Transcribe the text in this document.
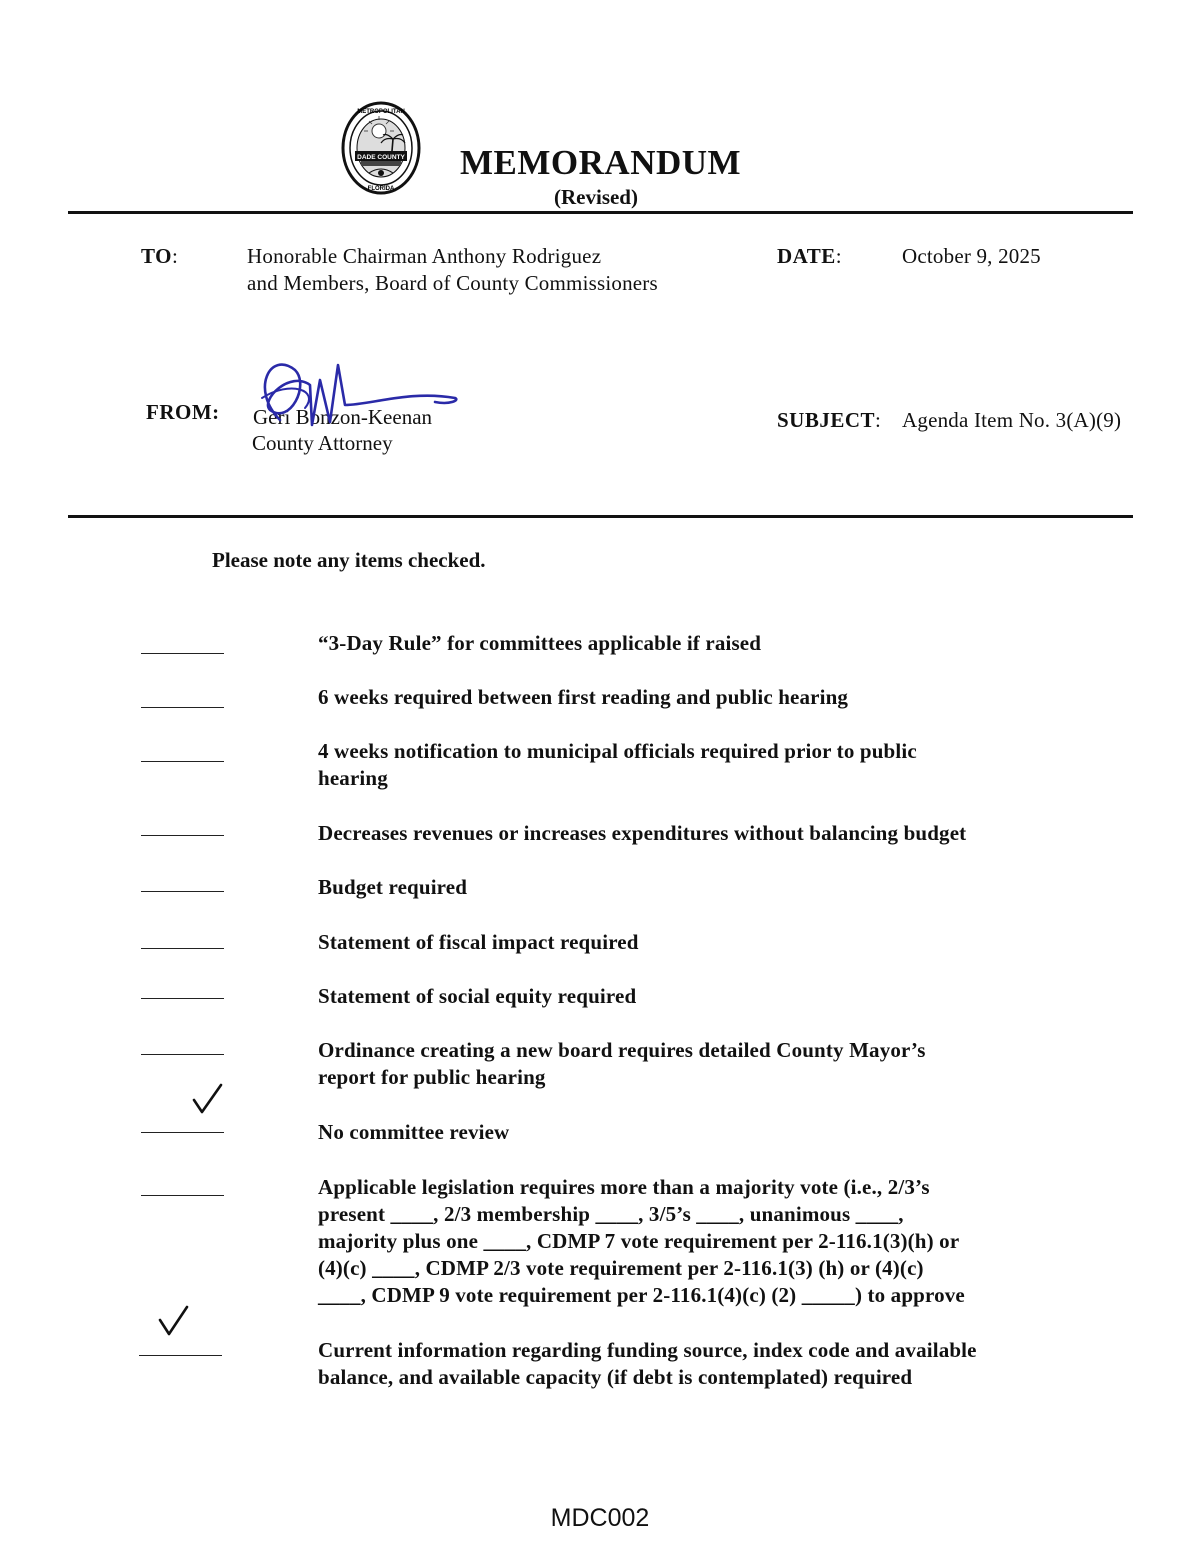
DADE COUNTY
METROPOLITAN
FLORIDA
MEMORANDUM
(Revised)
TO:	Honorable Chairman Anthony Rodriguez
and Members, Board of County Commissioners
DATE:	October 9, 2025
FROM: Geri Bonzon-Keenan
County Attorney
SUBJECT: Agenda Item No. 3(A)(9)
Please note any items checked.
“3-Day Rule” for committees applicable if raised
6 weeks required between first reading and public hearing
4 weeks notification to municipal officials required prior to public
hearing
Decreases revenues or increases expenditures without balancing budget
Budget required
Statement of fiscal impact required
Statement of social equity required
Ordinance creating a new board requires detailed County Mayor’s
report for public hearing
No committee review
Applicable legislation requires more than a majority vote (i.e., 2/3’s
present ____, 2/3 membership ____, 3/5’s ____, unanimous ____,
majority plus one ____, CDMP 7 vote requirement per 2-116.1(3)(h) or
(4)(c) ____, CDMP 2/3 vote requirement per 2-116.1(3) (h) or (4)(c)
____, CDMP 9 vote requirement per 2-116.1(4)(c) (2) _____) to approve
Current information regarding funding source, index code and available
balance, and available capacity (if debt is contemplated) required
MDC002
